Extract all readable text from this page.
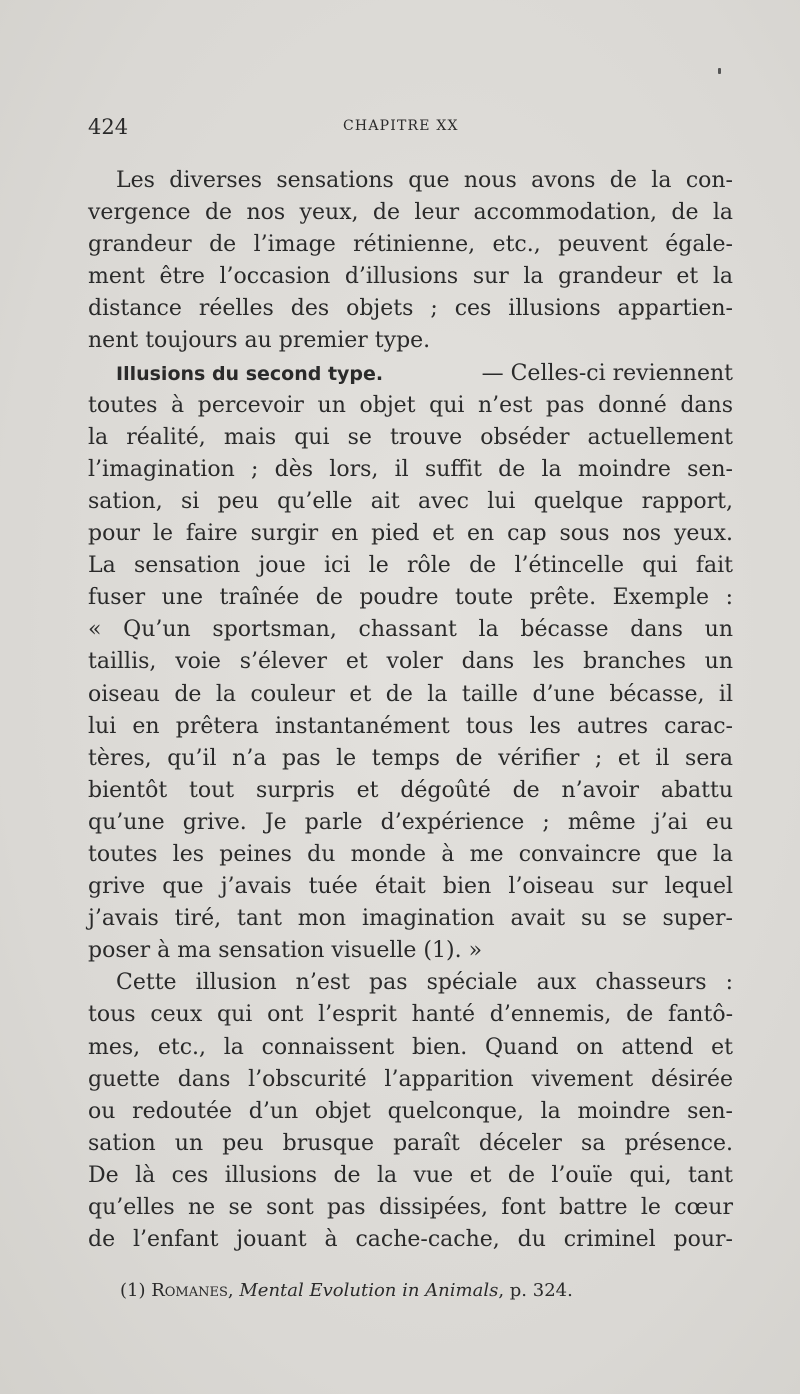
424	CHAPITRE XX
Les diverses sensations que nous avons de la con-
vergence de nos yeux, de leur accommodation, de la
grandeur de l’image rétinienne, etc., peuvent égale-
ment être l’occasion d’illusions sur la grandeur et la
distance réelles des objets ; ces illusions appartien-
nent toujours au premier type.
Illusions du second type.	— Celles-ci reviennent
toutes à percevoir un objet qui n’est pas donné dans
la réalité, mais qui se trouve obséder actuellement
l’imagination ; dès lors, il suffit de la moindre sen-
sation, si peu qu’elle ait avec lui quelque rapport,
pour le faire surgir en pied et en cap sous nos yeux.
La sensation joue ici le rôle de l’étincelle qui fait
fuser une traînée de poudre toute prête. Exemple :
« Qu’un sportsman, chassant la bécasse dans un
taillis, voie s’élever et voler dans les branches un
oiseau de la couleur et de la taille d’une bécasse, il
lui en prêtera instantanément tous les autres carac-
tères, qu’il n’a pas le temps de vérifier ; et il sera
bientôt tout surpris et dégoûté de n’avoir abattu
qu’une grive. Je parle d’expérience ; même j’ai eu
toutes les peines du monde à me convaincre que la
grive que j’avais tuée était bien l’oiseau sur lequel
j’avais tiré, tant mon imagination avait su se super-
poser à ma sensation visuelle (1). »
Cette illusion n’est pas spéciale aux chasseurs :
tous ceux qui ont l’esprit hanté d’ennemis, de fantô-
mes, etc., la connaissent bien. Quand on attend et
guette dans l’obscurité l’apparition vivement désirée
ou redoutée d’un objet quelconque, la moindre sen-
sation un peu brusque paraît déceler sa présence.
De là ces illusions de la vue et de l’ouïe qui, tant
qu’elles ne se sont pas dissipées, font battre le cœur
de l’enfant jouant à cache-cache, du criminel pour-
(1) Romanes, Mental Evolution in Animals, p. 324.
